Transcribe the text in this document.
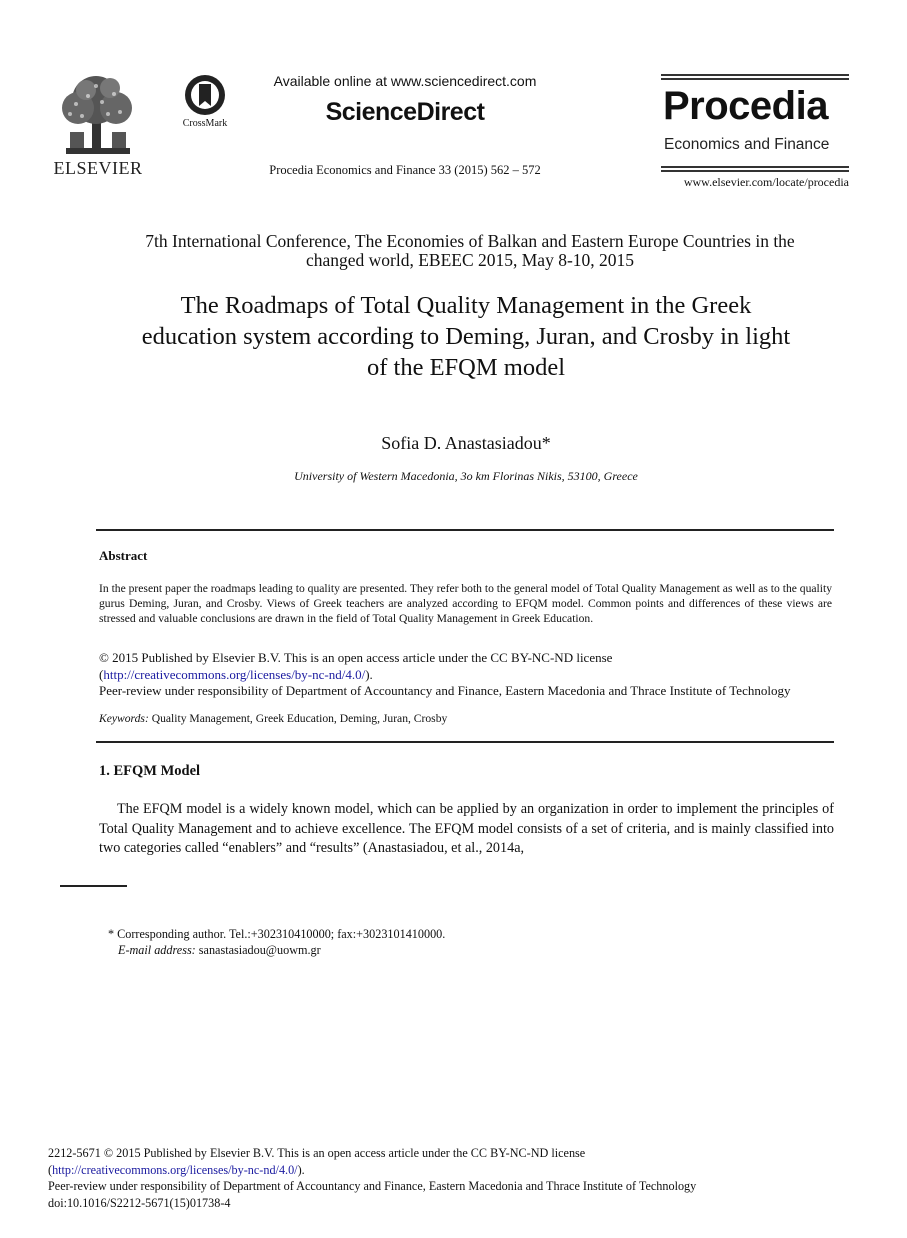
ELSEVIER
CrossMark
Available online at www.sciencedirect.com
ScienceDirect
Procedia Economics and Finance 33 (2015) 562 – 572
Procedia
Economics and Finance
www.elsevier.com/locate/procedia
7th International Conference, The Economies of Balkan and Eastern Europe Countries in the
changed world, EBEEC 2015, May 8-10, 2015
The Roadmaps of Total Quality Management in the Greek
education system according to Deming, Juran, and Crosby in light
of the EFQM model
Sofia D. Anastasiadou*
University of Western Macedonia, 3o km Florinas Nikis, 53100, Greece
Abstract
In the present paper the roadmaps leading to quality are presented. They refer both to the general model of Total Quality Management as well as to the quality gurus Deming, Juran, and Crosby. Views of Greek teachers are analyzed according to EFQM model. Common points and differences of these views are stressed and valuable conclusions are drawn in the field of Total Quality Management in Greek Education.
© 2015 Published by Elsevier B.V. This is an open access article under the CC BY-NC-ND license
(http://creativecommons.org/licenses/by-nc-nd/4.0/).
Peer-review under responsibility of Department of Accountancy and Finance, Eastern Macedonia and Thrace Institute of Technology
Keywords: Quality Management, Greek Education, Deming, Juran, Crosby
1. EFQM Model
The EFQM model is a widely known model, which can be applied by an organization in order to implement the principles of Total Quality Management and to achieve excellence. The EFQM model consists of a set of criteria, and is mainly classified into two categories called “enablers” and “results” (Anastasiadou, et al., 2014a,
* Corresponding author. Tel.:+302310410000; fax:+3023101410000.
E-mail address: sanastasiadou@uowm.gr
2212-5671 © 2015 Published by Elsevier B.V. This is an open access article under the CC BY-NC-ND license
(http://creativecommons.org/licenses/by-nc-nd/4.0/).
Peer-review under responsibility of Department of Accountancy and Finance, Eastern Macedonia and Thrace Institute of Technology
doi:10.1016/S2212-5671(15)01738-4
